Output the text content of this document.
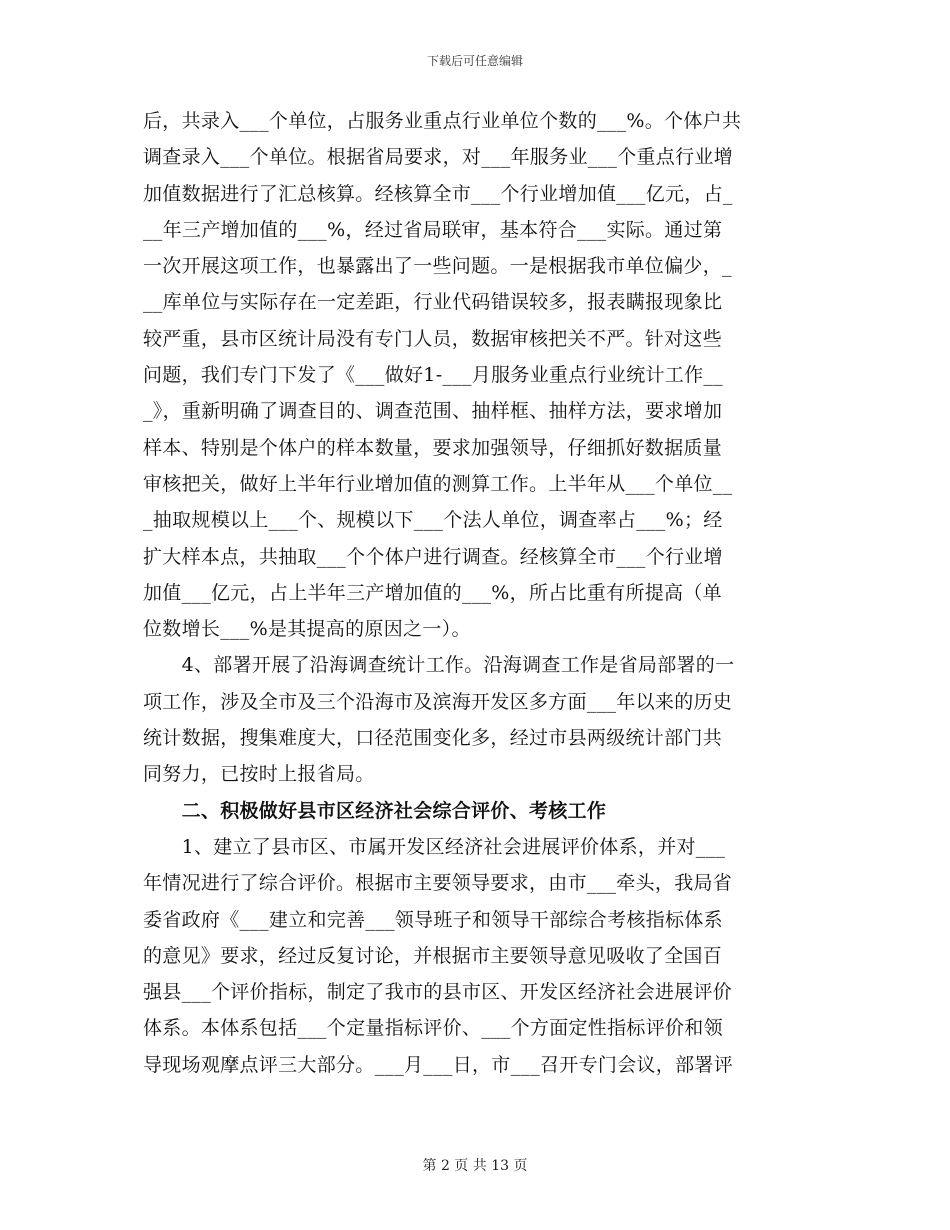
下载后可任意编辑
后，共录入___个单位，占服务业重点行业单位个数的___%。个体户共
调查录入___个单位。根据省局要求，对___年服务业___个重点行业增
加值数据进行了汇总核算。经核算全市___个行业增加值___亿元，占_
__年三产增加值的___%，经过省局联审，基本符合___实际。通过第
一次开展这项工作，也暴露出了一些问题。一是根据我市单位偏少，_
__库单位与实际存在一定差距，行业代码错误较多，报表瞒报现象比
较严重，县市区统计局没有专门人员，数据审核把关不严。针对这些
问题，我们专门下发了《___做好1-___月服务业重点行业统计工作__
_》，重新明确了调查目的、调查范围、抽样框、抽样方法，要求增加
样本、特别是个体户的样本数量，要求加强领导，仔细抓好数据质量
审核把关，做好上半年行业增加值的测算工作。上半年从___个单位__
_抽取规模以上___个、规模以下___个法人单位，调查率占___%；经
扩大样本点，共抽取___个个体户进行调查。经核算全市___个行业增
加值___亿元，占上半年三产增加值的___%，所占比重有所提高（单
位数增长___%是其提高的原因之一）。
　　4、部署开展了沿海调查统计工作。沿海调查工作是省局部署的一
项工作，涉及全市及三个沿海市及滨海开发区多方面___年以来的历史
统计数据，搜集难度大，口径范围变化多，经过市县两级统计部门共
同努力，已按时上报省局。
　　二、积极做好县市区经济社会综合评价、考核工作
　　1、建立了县市区、市属开发区经济社会进展评价体系，并对___
年情况进行了综合评价。根据市主要领导要求，由市___牵头，我局省
委省政府《___建立和完善___领导班子和领导干部综合考核指标体系
的意见》要求，经过反复讨论，并根据市主要领导意见吸收了全国百
强县___个评价指标，制定了我市的县市区、开发区经济社会进展评价
体系。本体系包括___个定量指标评价、___个方面定性指标评价和领
导现场观摩点评三大部分。___月___日，市___召开专门会议，部署评
第 2 页 共 13 页
